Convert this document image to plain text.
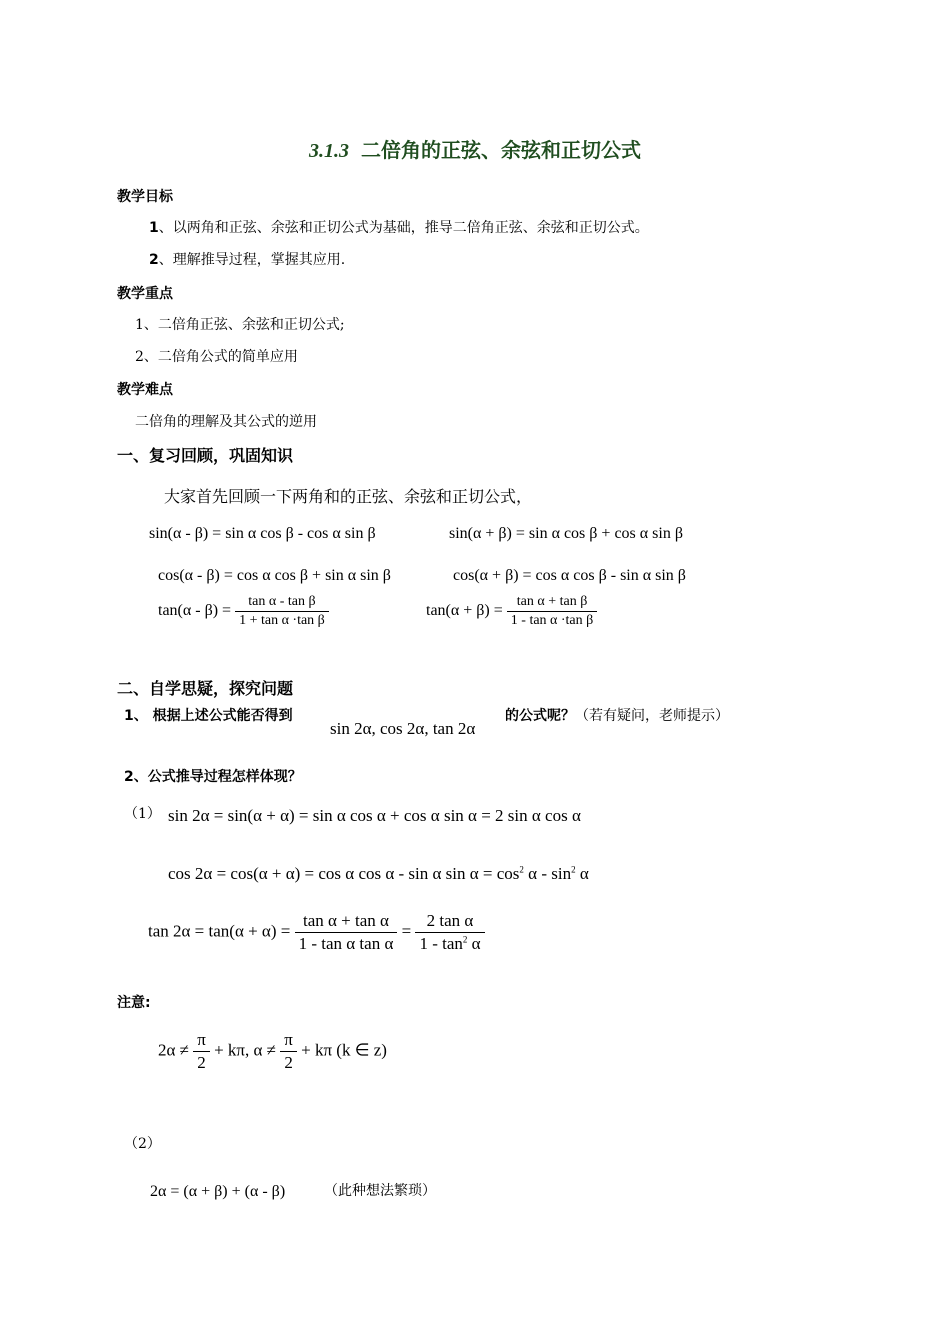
3.1.3 二倍角的正弦、余弦和正切公式
教学目标
1、以两角和正弦、余弦和正切公式为基础，推导二倍角正弦、余弦和正切公式。
2、理解推导过程，掌握其应用.
教学重点
1、二倍角正弦、余弦和正切公式;
2、二倍角公式的简单应用
教学难点
二倍角的理解及其公式的逆用
一、复习回顾，巩固知识
大家首先回顾一下两角和的正弦、余弦和正切公式，
sin(α - β) = sin α cos β - cos α sin β	sin(α + β) = sin α cos β + cos α sin β
cos(α - β) = cos α cos β + sin α sin β	cos(α + β) = cos α cos β - sin α sin β
$\tan(\alpha - \beta) = \frac{\text{tan α - tan β}}{\text{1 + tan α ·tan β}}$	$\tan(\alpha + \beta) = \frac{\text{tan α + tan β}}{\text{1 - tan α ·tan β}}$
二、自学思疑，探究问题
1、 根据上述公式能否得到
sin 2α, cos 2α, tan 2α
的公式呢？（若有疑问，老师提示）
2、公式推导过程怎样体现？
（1） sin 2α = sin(α + α) = sin α cos α + cos α sin α = 2 sin α cos α
cos 2α = cos(α + α) = cos α cos α - sin α $\sin \alpha = \cos^2 \alpha - \sin^2 \alpha$
$\tan 2\alpha = \tan(\alpha + \alpha) = \frac{\text{tan α + tan α}}{\text{1 - tan α tan α}} = \frac{\text{2 tan α}}{1 - \tan^2 \alpha}$
注意:
$2\alpha \ne \frac{\pi}{2} + k\pi$, $\alpha \ne \frac{\pi}{2} + k\pi$ (k ∈ z)
（2）
2α = (α + β) + (α - β)	（此种想法繁琐）
